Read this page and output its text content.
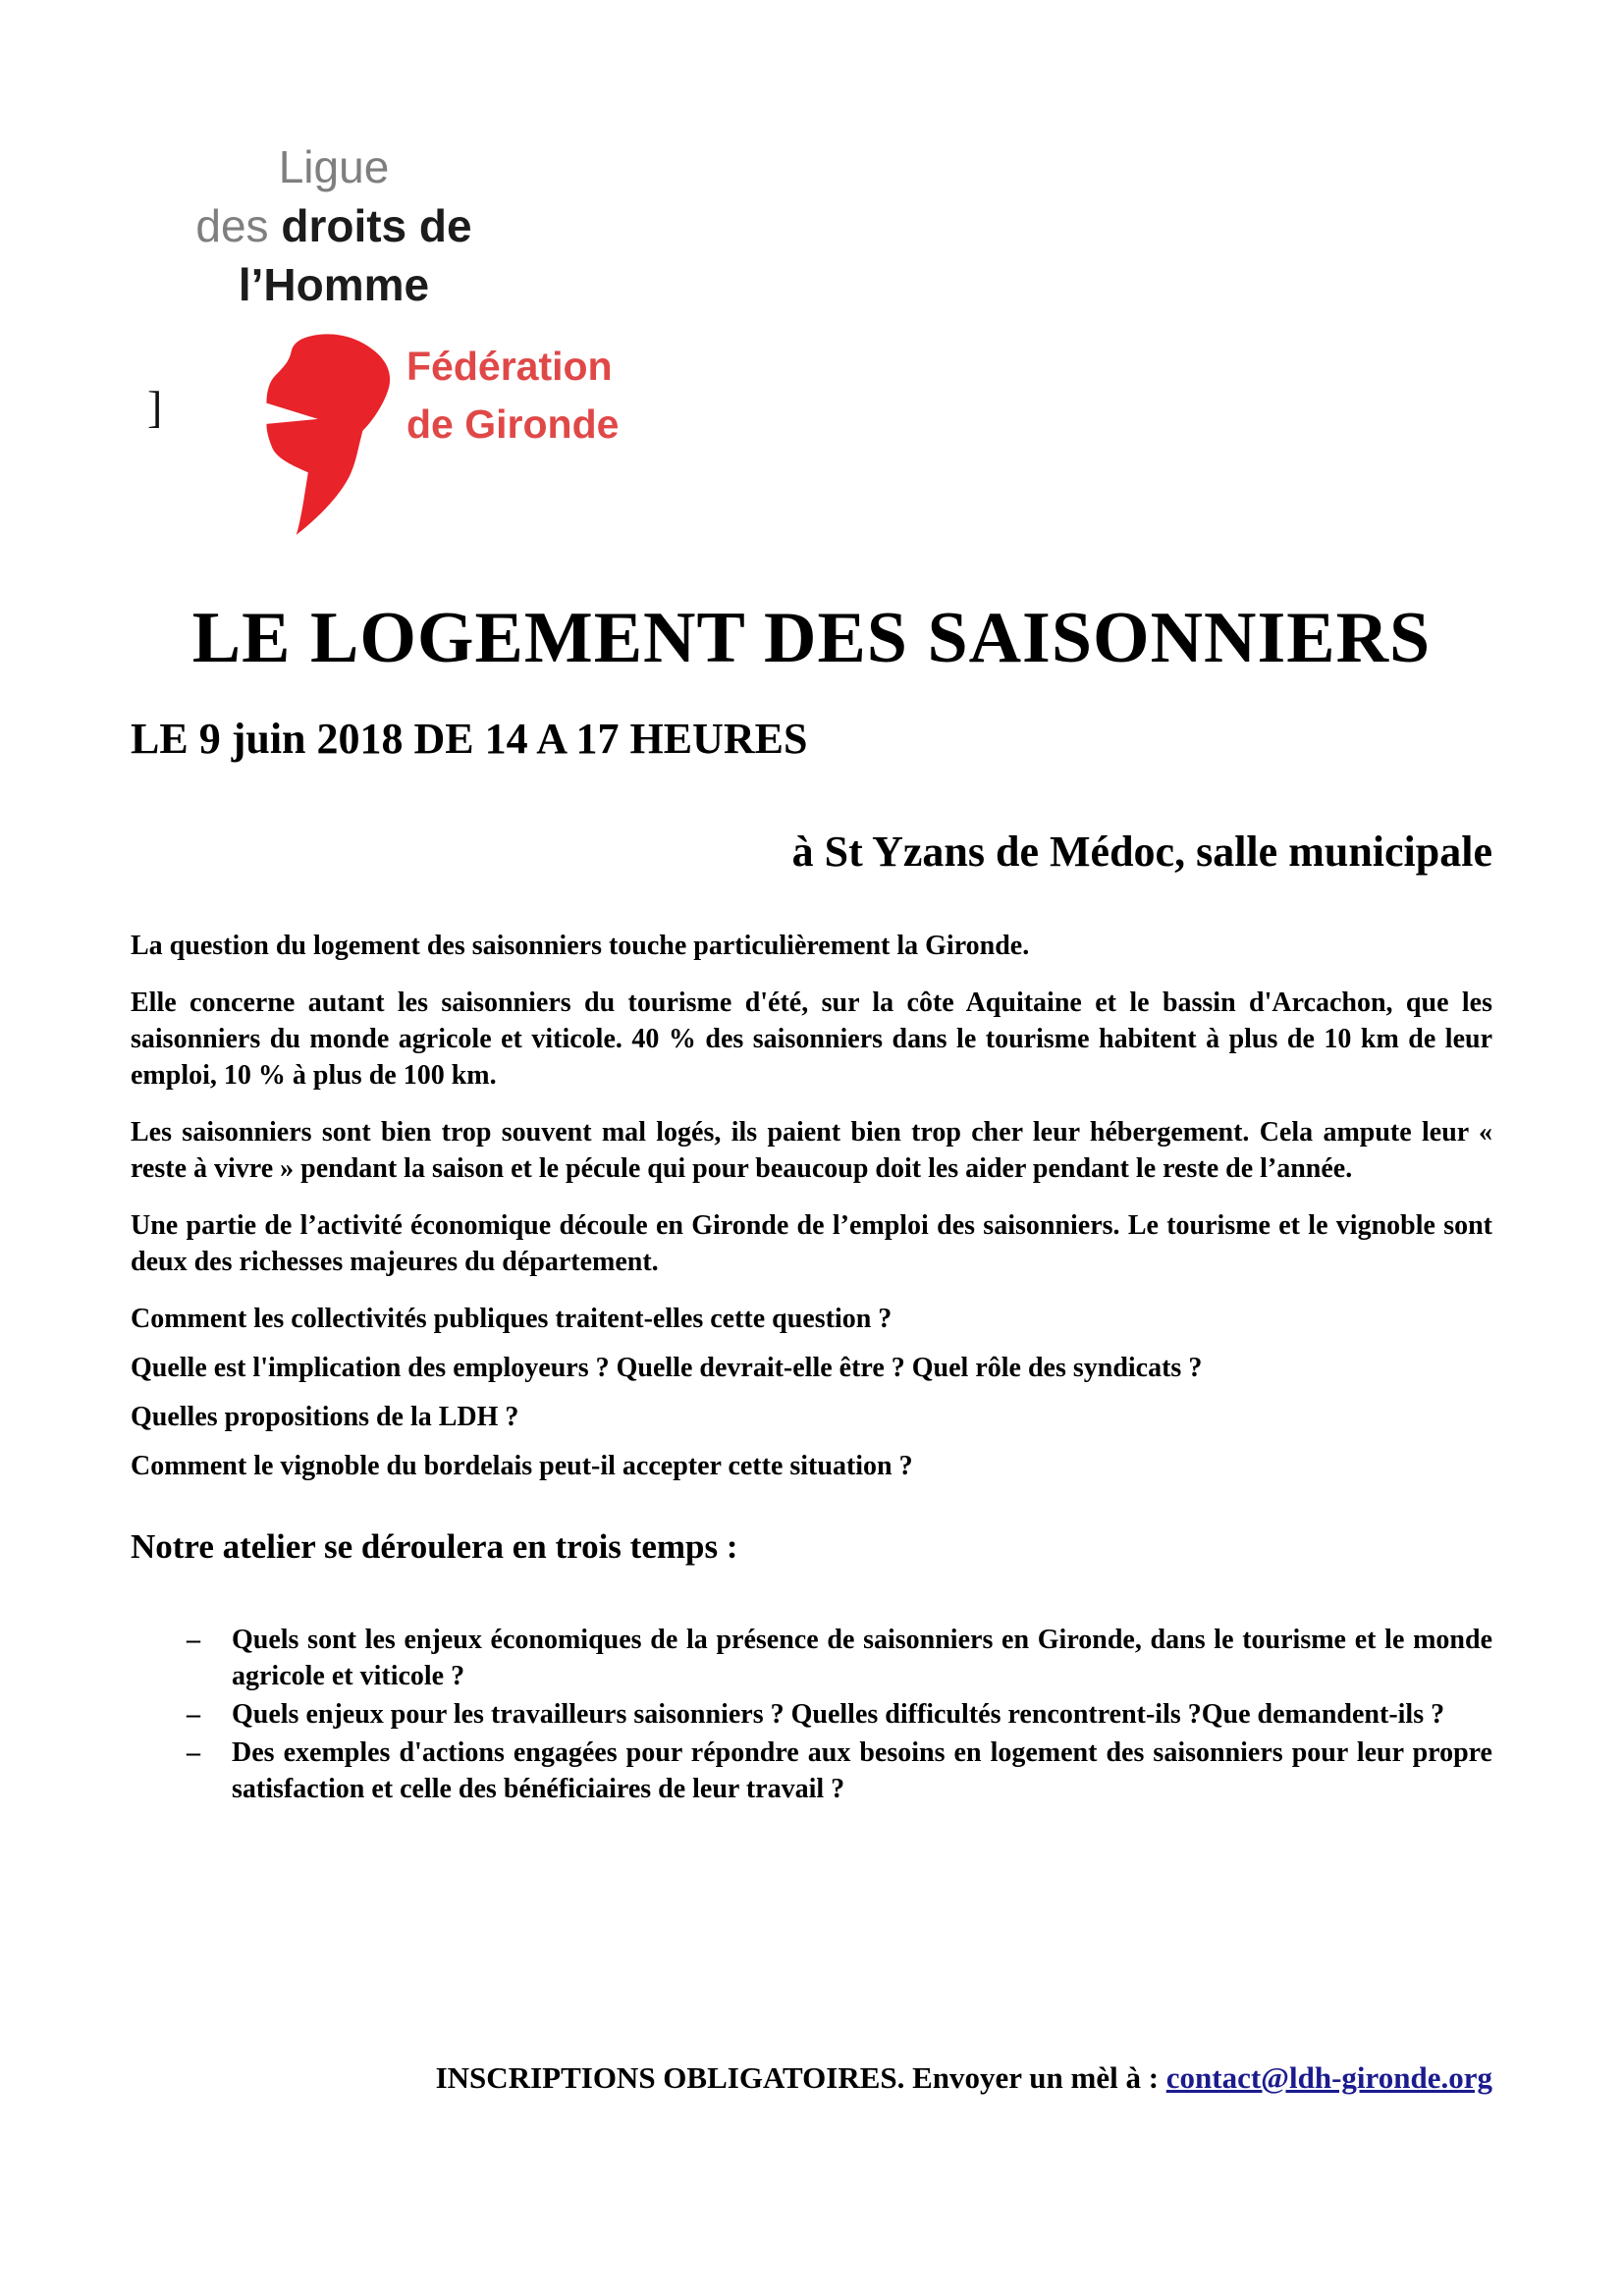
Ligue
des droits de
l’Homme
]
Fédération
de Gironde
LE LOGEMENT DES SAISONNIERS
LE 9 juin 2018 DE 14 A 17 HEURES
à St Yzans de Médoc, salle municipale

La question du logement des saisonniers touche particulièrement la Gironde.

Elle concerne autant les saisonniers du tourisme d'été, sur la côte Aquitaine et le bassin d'Arcachon, que les saisonniers du monde agricole et viticole. 40 % des saisonniers dans le tourisme habitent à plus de 10 km de leur emploi, 10 % à plus de 100 km.

Les saisonniers sont bien trop souvent mal logés, ils paient bien trop cher leur hébergement. Cela ampute leur « reste à vivre » pendant la saison et le pécule qui pour beaucoup doit les aider pendant le reste de l’année.

Une partie de l’activité économique découle en Gironde de l’emploi des saisonniers. Le tourisme et le vignoble sont deux des richesses majeures du département.

Comment les collectivités publiques traitent-elles cette question ?

Quelle est l'implication des employeurs ? Quelle devrait-elle être ? Quel rôle des syndicats ?

Quelles propositions de la LDH ?

Comment le vignoble du bordelais peut-il accepter cette situation ?

Notre atelier se déroulera en trois temps :
–	Quels sont les enjeux économiques de la présence de saisonniers en Gironde, dans le tourisme et le monde agricole et viticole ?
–	Quels enjeux pour les travailleurs saisonniers ? Quelles difficultés rencontrent-ils ?Que demandent-ils ?
–	Des exemples d'actions engagées pour répondre aux besoins en logement des saisonniers pour leur propre satisfaction et celle des bénéficiaires de leur travail ?
INSCRIPTIONS OBLIGATOIRES. Envoyer un mèl à : contact@ldh-gironde.org
